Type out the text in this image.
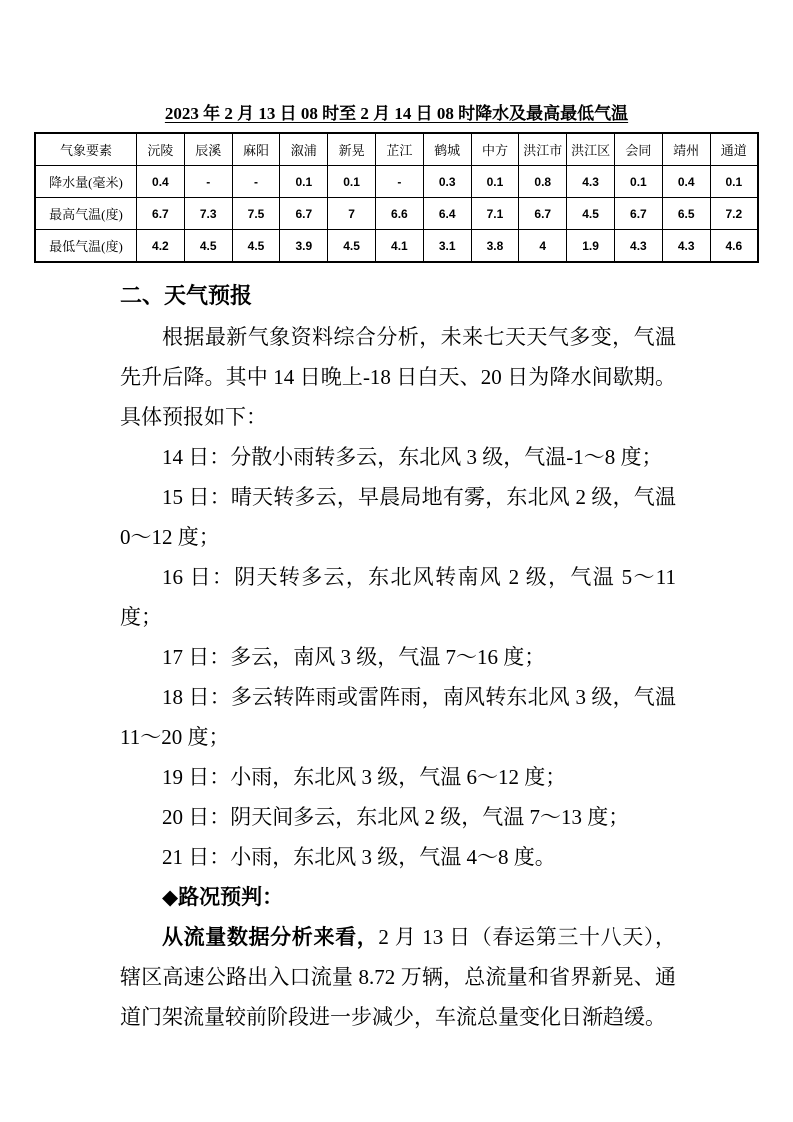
2023 年 2 月 13 日 08 时至 2 月 14 日 08 时降水及最高最低气温
气象要素	沅陵	辰溪	麻阳	溆浦	新晃	芷江	鹤城	中方	洪江市	洪江区	会同	靖州	通道
降水量(毫米)	0.4	-	-	0.1	0.1	-	0.3	0.1	0.8	4.3	0.1	0.4	0.1
最高气温(度)	6.7	7.3	7.5	6.7	7	6.6	6.4	7.1	6.7	4.5	6.7	6.5	7.2
最低气温(度)	4.2	4.5	4.5	3.9	4.5	4.1	3.1	3.8	4	1.9	4.3	4.3	4.6
二、天气预报

根据最新气象资料综合分析，未来七天天气多变，气温先升后降。其中 14 日晚上-18 日白天、20 日为降水间歇期。具体预报如下：

14 日：分散小雨转多云，东北风 3 级，气温-1～8 度；

15 日：晴天转多云，早晨局地有雾，东北风 2 级，气温 0～12 度；

16 日：阴天转多云，东北风转南风 2 级，气温 5～11 度；

17 日：多云，南风 3 级，气温 7～16 度；

18 日：多云转阵雨或雷阵雨，南风转东北风 3 级，气温 11～20 度；

19 日：小雨，东北风 3 级，气温 6～12 度；

20 日：阴天间多云，东北风 2 级，气温 7～13 度；

21 日：小雨，东北风 3 级，气温 4～8 度。

◆路况预判：

从流量数据分析来看，2 月 13 日（春运第三十八天），辖区高速公路出入口流量 8.72 万辆，总流量和省界新晃、通道门架流量较前阶段进一步减少，车流总量变化日渐趋缓。
